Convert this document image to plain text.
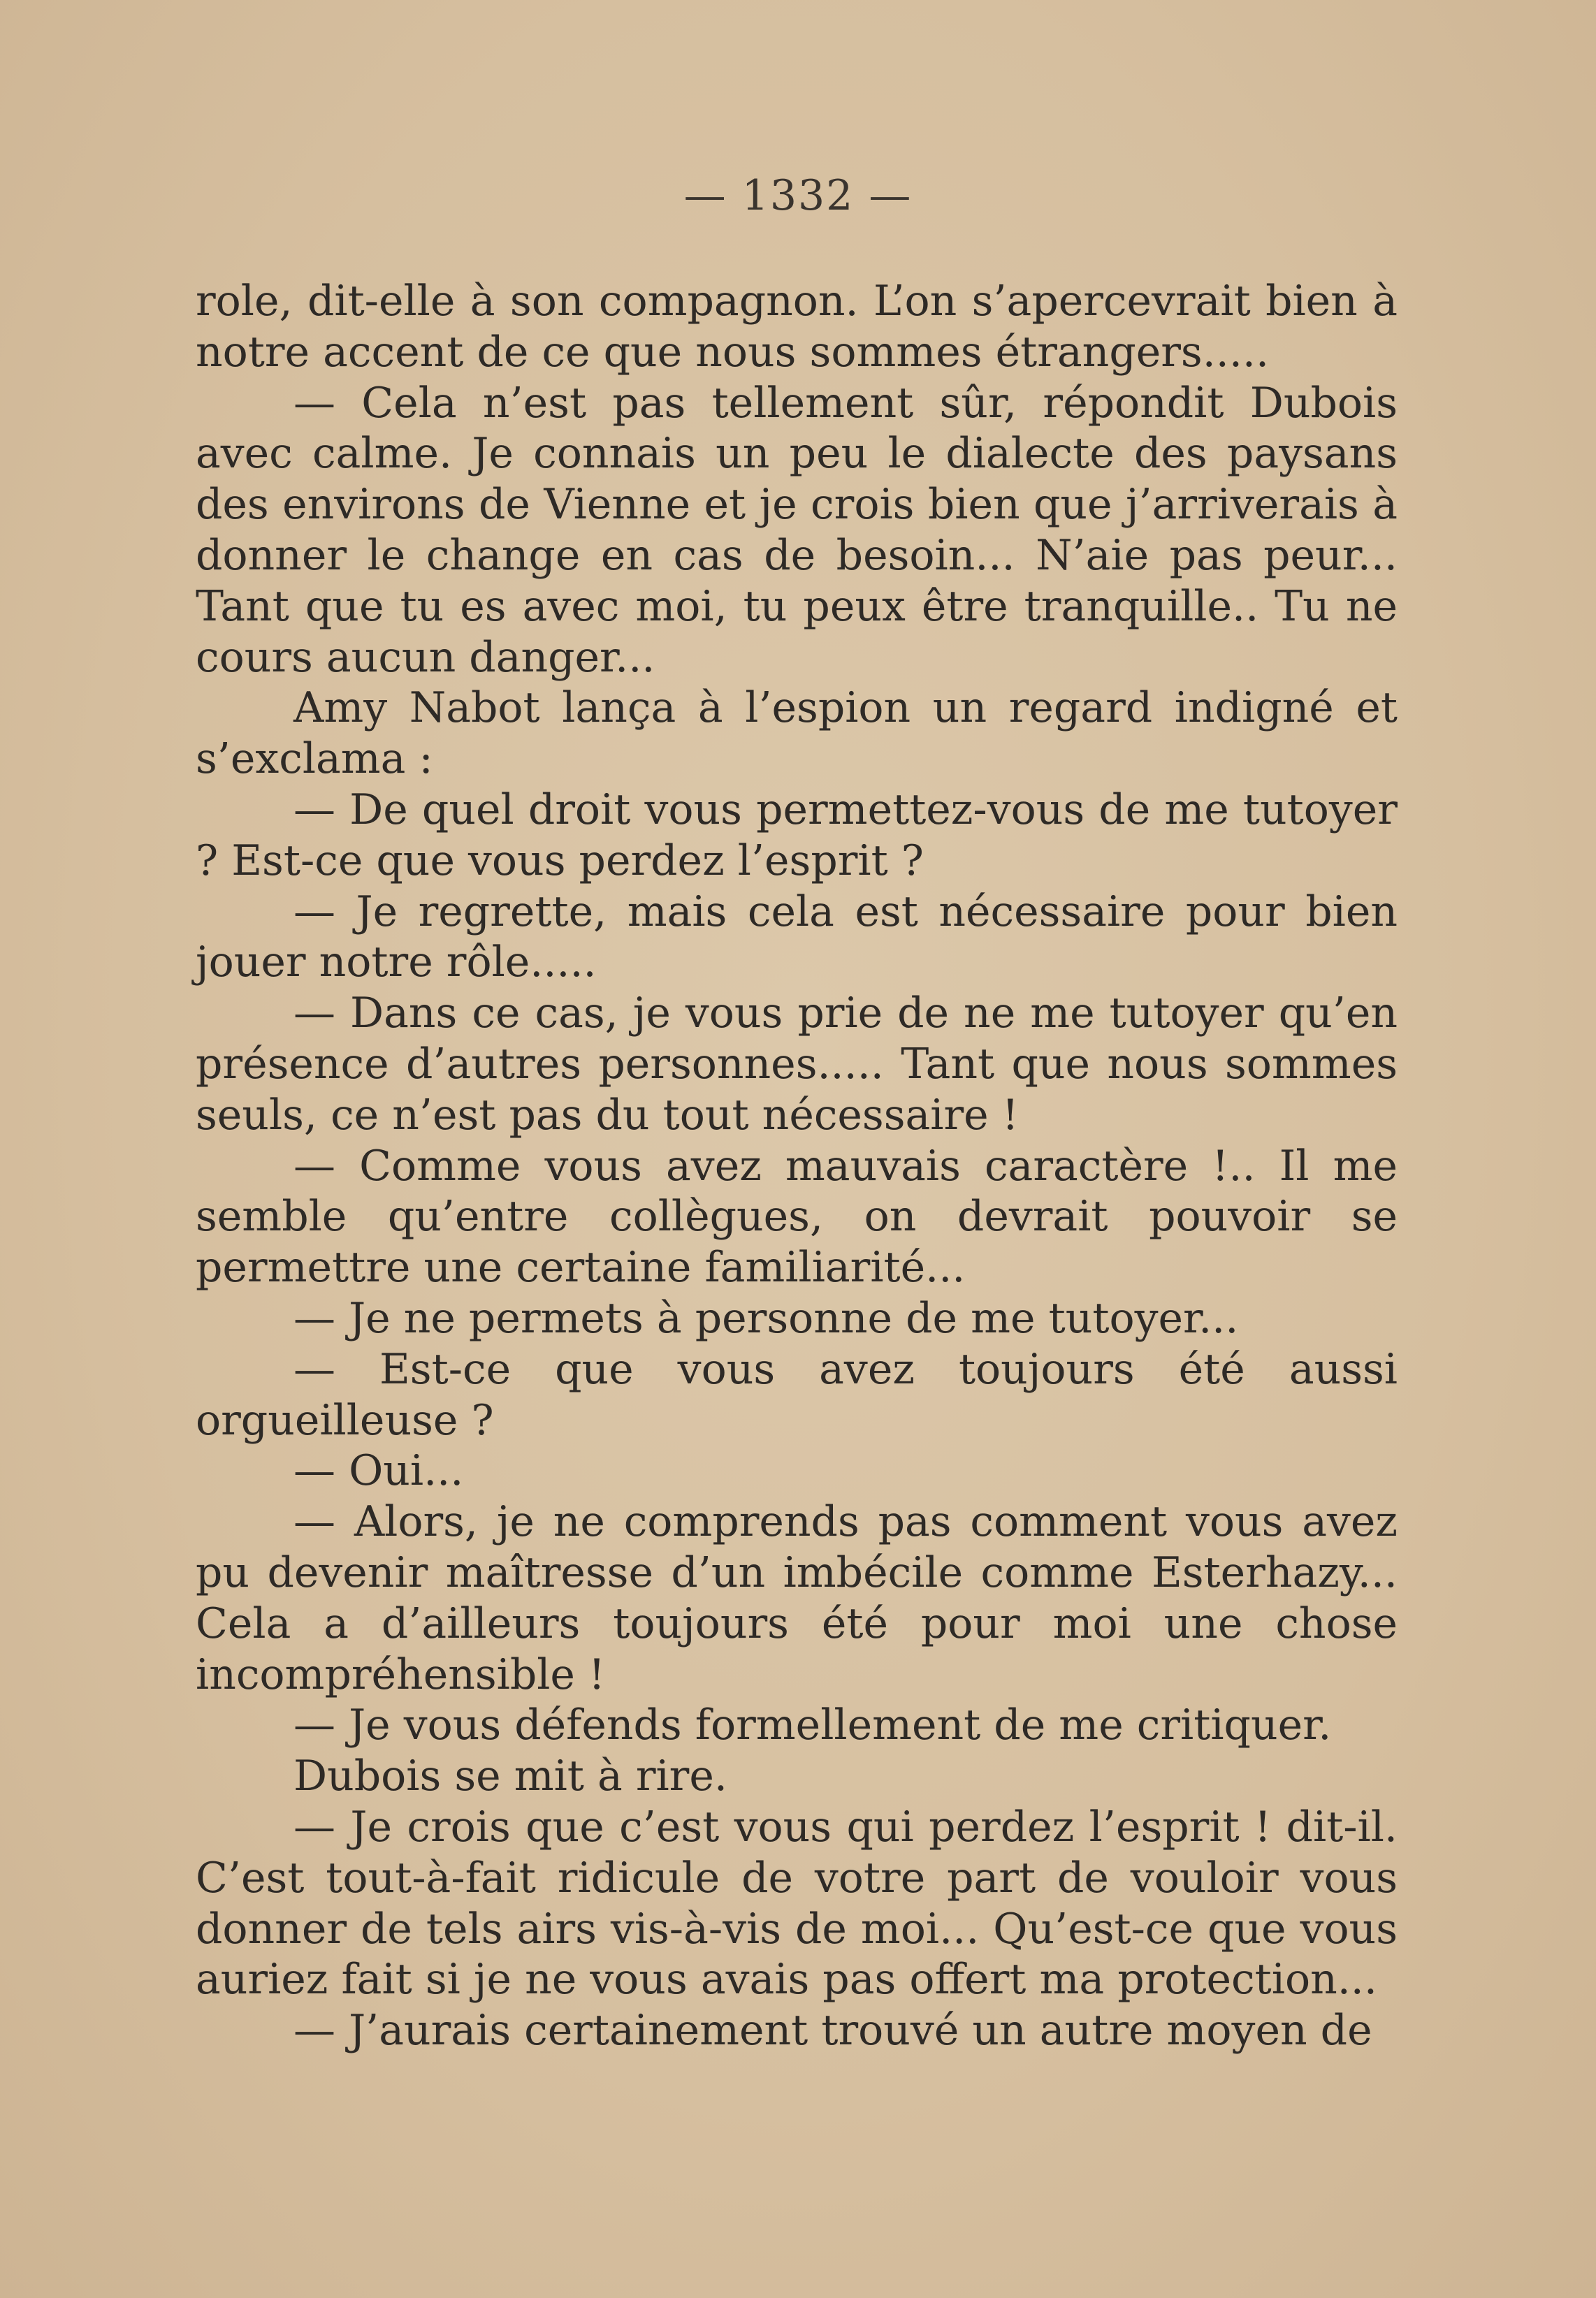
— 1332 —

role, dit-elle à son compagnon. L’on s’apercevrait bien à notre accent de ce que nous sommes étrangers.....

— Cela n’est pas tellement sûr, répondit Dubois avec calme. Je connais un peu le dialecte des paysans des environs de Vienne et je crois bien que j’arriverais à donner le change en cas de besoin... N’aie pas peur... Tant que tu es avec moi, tu peux être tranquille.. Tu ne cours aucun danger...

Amy Nabot lança à l’espion un regard indigné et s’exclama :

— De quel droit vous permettez-vous de me tutoyer ? Est-ce que vous perdez l’esprit ?

— Je regrette, mais cela est nécessaire pour bien jouer notre rôle.....

— Dans ce cas, je vous prie de ne me tutoyer qu’en présence d’autres personnes..... Tant que nous sommes seuls, ce n’est pas du tout nécessaire !

— Comme vous avez mauvais caractère !.. Il me semble qu’entre collègues, on devrait pouvoir se permettre une certaine familiarité...

— Je ne permets à personne de me tutoyer...

— Est-ce que vous avez toujours été aussi orgueilleuse ?

— Oui...

— Alors, je ne comprends pas comment vous avez pu devenir maîtresse d’un imbécile comme Esterhazy... Cela a d’ailleurs toujours été pour moi une chose incompréhensible !

— Je vous défends formellement de me critiquer.

Dubois se mit à rire.

— Je crois que c’est vous qui perdez l’esprit ! dit-il. C’est tout-à-fait ridicule de votre part de vouloir vous donner de tels airs vis-à-vis de moi... Qu’est-ce que vous auriez fait si je ne vous avais pas offert ma protection...

— J’aurais certainement trouvé un autre moyen de
